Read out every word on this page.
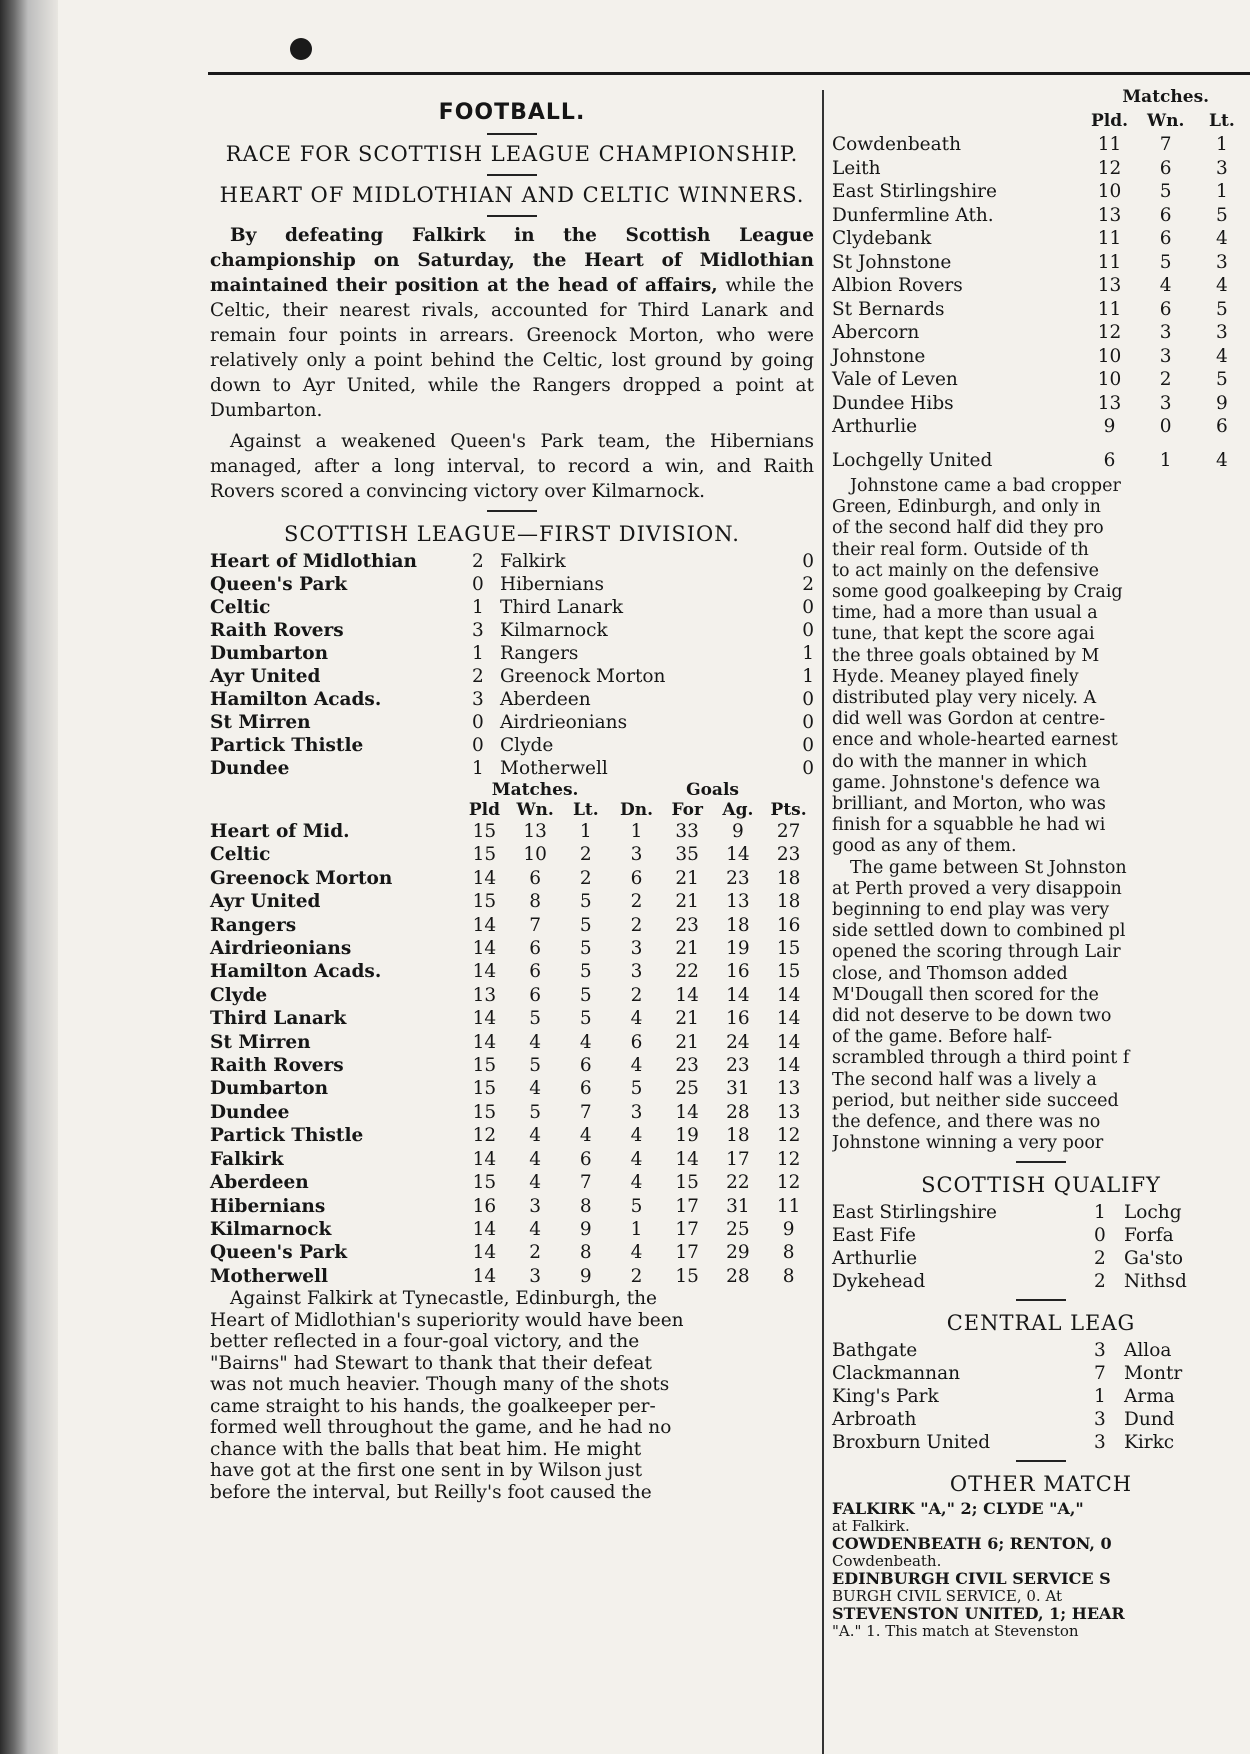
FOOTBALL.
RACE FOR SCOTTISH LEAGUE CHAMPIONSHIP.
HEART OF MIDLOTHIAN AND CELTIC WINNERS.
By defeating Falkirk in the Scottish League championship on Saturday, the Heart of Midlothian maintained their position at the head of affairs, while the Celtic, their nearest rivals, accounted for Third Lanark and remain four points in arrears. Greenock Morton, who were relatively only a point behind the Celtic, lost ground by going down to Ayr United, while the Rangers dropped a point at Dumbarton.
Against a weakened Queen's Park team, the Hibernians managed, after a long interval, to record a win, and Raith Rovers scored a convincing victory over Kilmarnock.
SCOTTISH LEAGUE—FIRST DIVISION.
Heart of Midlothian	2	Falkirk	0
Queen's Park	0	Hibernians	2
Celtic	1	Third Lanark	0
Raith Rovers	3	Kilmarnock	0
Dumbarton	1	Rangers	1
Ayr United	2	Greenock Morton	1
Hamilton Acads.	3	Aberdeen	0
St Mirren	0	Airdrieonians	0
Partick Thistle	0	Clyde	0
Dundee	1	Motherwell	0
	Matches.				Goals		
	Pld	Wn.	Lt.	Dn.	For	Ag.	Pts.
Heart of Mid.	15	13	1	1	33	9	27
Celtic	15	10	2	3	35	14	23
Greenock Morton	14	6	2	6	21	23	18
Ayr United	15	8	5	2	21	13	18
Rangers	14	7	5	2	23	18	16
Airdrieonians	14	6	5	3	21	19	15
Hamilton Acads.	14	6	5	3	22	16	15
Clyde	13	6	5	2	14	14	14
Third Lanark	14	5	5	4	21	16	14
St Mirren	14	4	4	6	21	24	14
Raith Rovers	15	5	6	4	23	23	14
Dumbarton	15	4	6	5	25	31	13
Dundee	15	5	7	3	14	28	13
Partick Thistle	12	4	4	4	19	18	12
Falkirk	14	4	6	4	14	17	12
Aberdeen	15	4	7	4	15	22	12
Hibernians	16	3	8	5	17	31	11
Kilmarnock	14	4	9	1	17	25	9
Queen's Park	14	2	8	4	17	29	8
Motherwell	14	3	9	2	15	28	8
Against Falkirk at Tynecastle, Edinburgh, the
Heart of Midlothian's superiority would have been
better reflected in a four-goal victory, and the
"Bairns" had Stewart to thank that their defeat
was not much heavier. Though many of the shots
came straight to his hands, the goalkeeper per-
formed well throughout the game, and he had no
chance with the balls that beat him. He might
have got at the first one sent in by Wilson just
before the interval, but Reilly's foot caused the
	Matches.		
	Pld.	Wn.	Lt.
Cowdenbeath	11	7	1
Leith	12	6	3
East Stirlingshire	10	5	1
Dunfermline Ath.	13	6	5
Clydebank	11	6	4
St Johnstone	11	5	3
Albion Rovers	13	4	4
St Bernards	11	6	5
Abercorn	12	3	3
Johnstone	10	3	4
Vale of Leven	10	2	5
Dundee Hibs	13	3	9
Arthurlie	9	0	6
Lochgelly United	6	1	4
Johnstone came a bad cropper
Green, Edinburgh, and only in
of the second half did they pro
their real form. Outside of th
to act mainly on the defensive
some good goalkeeping by Craig
time, had a more than usual a
tune, that kept the score agai
the three goals obtained by M
Hyde. Meaney played finely
distributed play very nicely. A
did well was Gordon at centre-
ence and whole-hearted earnest
do with the manner in which
game. Johnstone's defence wa
brilliant, and Morton, who was
finish for a squabble he had wi
good as any of them.
The game between St Johnston
at Perth proved a very disappoin
beginning to end play was very
side settled down to combined pl
opened the scoring through Lair
close, and Thomson added
M'Dougall then scored for the
did not deserve to be down two
of the game. Before half-
scrambled through a third point f
The second half was a lively a
period, but neither side succeed
the defence, and there was no
Johnstone winning a very poor
SCOTTISH QUALIFY
East Stirlingshire	1	Lochg
East Fife	0	Forfa
Arthurlie	2	Ga'sto
Dykehead	2	Nithsd
CENTRAL LEAG
Bathgate	3	Alloa
Clackmannan	7	Montr
King's Park	1	Arma
Arbroath	3	Dund
Broxburn United	3	Kirkc
OTHER MATCH
FALKIRK "A," 2; CLYDE "A,"
at Falkirk.
COWDENBEATH 6; RENTON, 0
Cowdenbeath.
EDINBURGH CIVIL SERVICE S
BURGH CIVIL SERVICE, 0. At
STEVENSTON UNITED, 1; HEAR
"A." 1. This match at Stevenston
